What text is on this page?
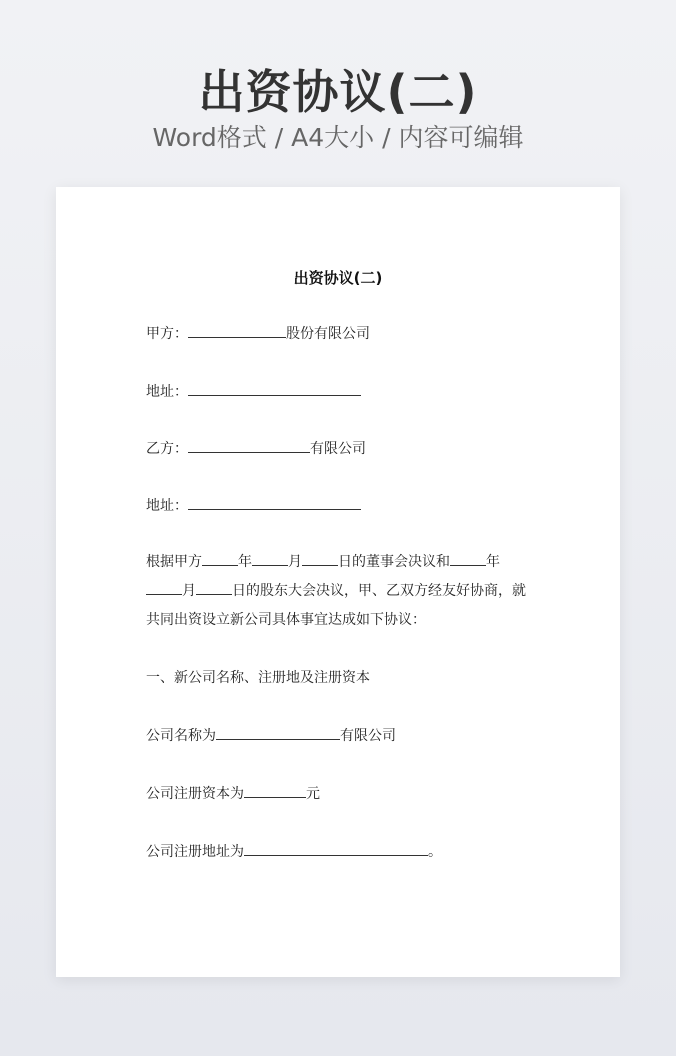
出资协议(二)
Word格式 / A4大小 / 内容可编辑
出资协议(二)
甲方：	股份有限公司
地址：
乙方：	有限公司
地址：
根据甲方	年	月	日的董事会决议和	年月	日的股东大会决议，甲、乙双方经友好协商，就共同出资设立新公司具体事宜达成如下协议：
一、新公司名称、注册地及注册资本
公司名称为	有限公司
公司注册资本为	元
公司注册地址为	。
